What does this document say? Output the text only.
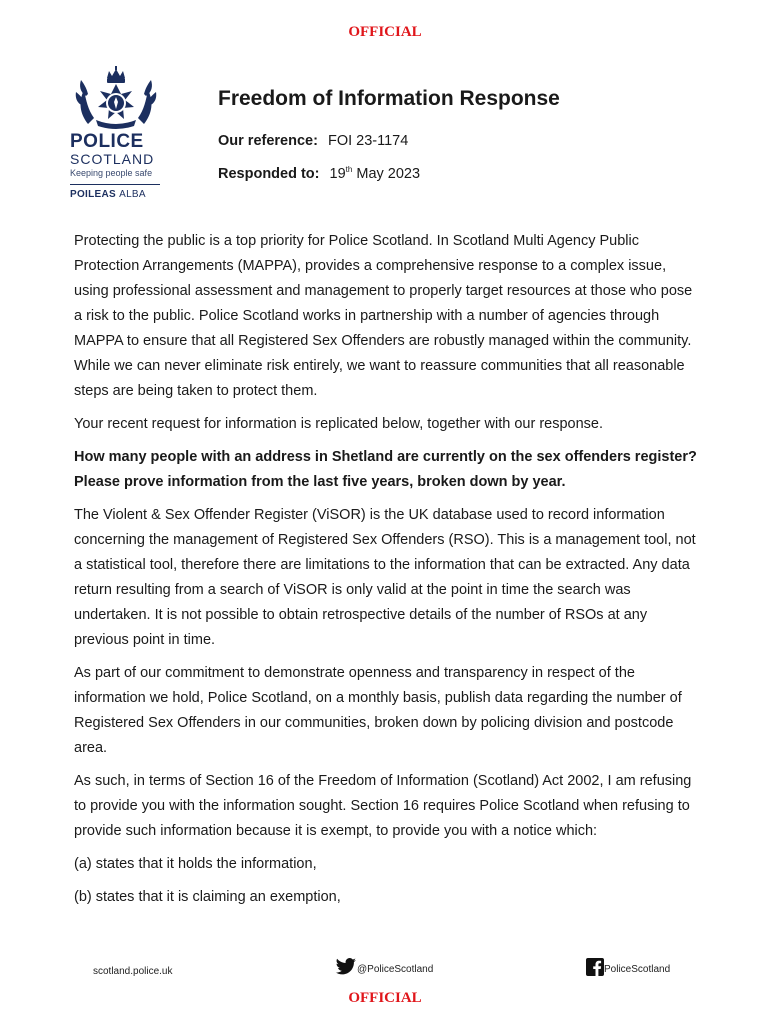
OFFICIAL
POLICE
SCOTLAND
Keeping people safe
POILEAS ALBA
Freedom of Information Response
Our reference: FOI 23-1174
Responded to: 19th May 2023

Protecting the public is a top priority for Police Scotland. In Scotland Multi Agency Public Protection Arrangements (MAPPA), provides a comprehensive response to a complex issue, using professional assessment and management to properly target resources at those who pose a risk to the public. Police Scotland works in partnership with a number of agencies through MAPPA to ensure that all Registered Sex Offenders are robustly managed within the community. While we can never eliminate risk entirely, we want to reassure communities that all reasonable steps are being taken to protect them.

Your recent request for information is replicated below, together with our response.

How many people with an address in Shetland are currently on the sex offenders register? Please prove information from the last five years, broken down by year.

The Violent & Sex Offender Register (ViSOR) is the UK database used to record information concerning the management of Registered Sex Offenders (RSO). This is a management tool, not a statistical tool, therefore there are limitations to the information that can be extracted. Any data return resulting from a search of ViSOR is only valid at the point in time the search was undertaken. It is not possible to obtain retrospective details of the number of RSOs at any previous point in time.

As part of our commitment to demonstrate openness and transparency in respect of the information we hold, Police Scotland, on a monthly basis, publish data regarding the number of Registered Sex Offenders in our communities, broken down by policing division and postcode area.

As such, in terms of Section 16 of the Freedom of Information (Scotland) Act 2002, I am refusing to provide you with the information sought. Section 16 requires Police Scotland when refusing to provide such information because it is exempt, to provide you with a notice which:

(a) states that it holds the information,

(b) states that it is claiming an exemption,

scotland.police.uk	@PoliceScotland	PoliceScotland
OFFICIAL
